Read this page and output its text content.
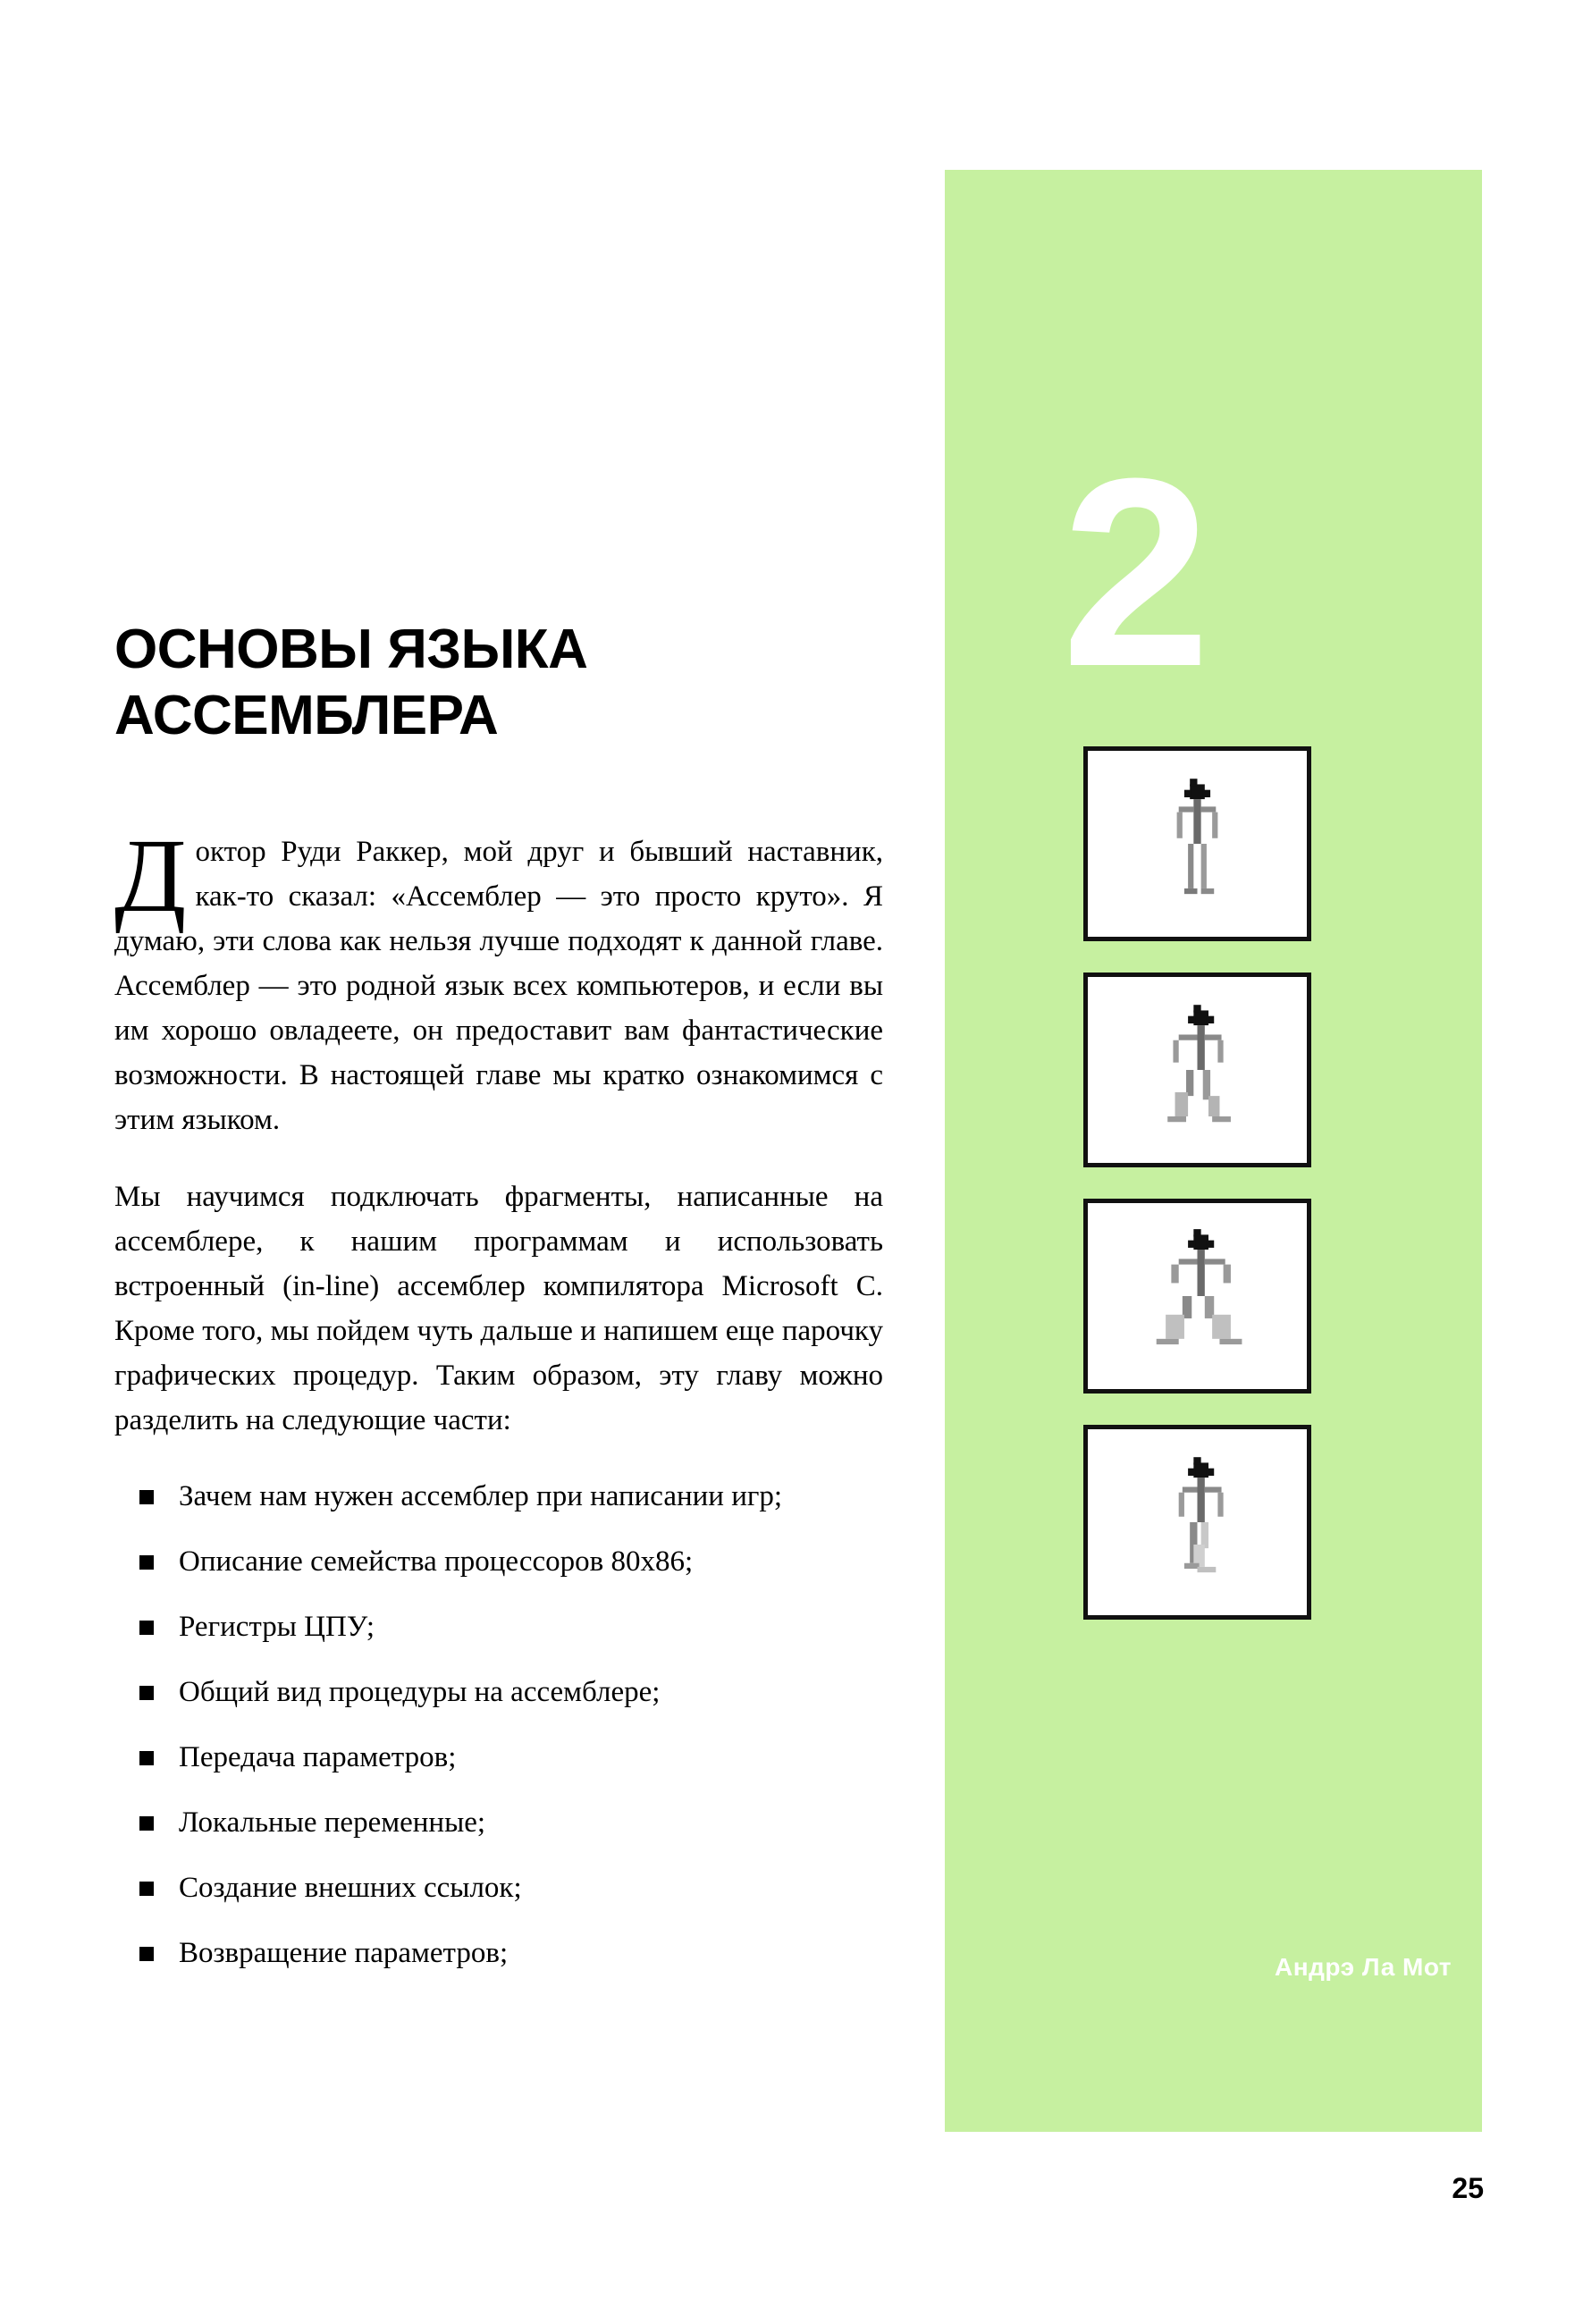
2
Андрэ Ла Мот
ОСНОВЫ ЯЗЫКА АССЕМБЛЕРА

Доктор Руди Раккер, мой друг и бывший наставник, как-то сказал: «Ассемблер — это просто круто». Я думаю, эти слова как нельзя лучше подходят к данной главе. Ассемблер — это родной язык всех компьютеров, и если вы им хорошо овладеете, он предоставит вам фантастические возможности. В настоящей главе мы кратко ознакомимся с этим языком.

Мы научимся подключать фрагменты, написанные на ассемблере, к нашим программам и использовать встроенный (in-line) ассемблер компилятора Microsoft C. Кроме того, мы пойдем чуть дальше и напишем еще парочку графических процедур. Таким образом, эту главу можно разделить на следующие части:

Зачем нам нужен ассемблер при написании игр;
Описание семейства процессоров 80x86;
Регистры ЦПУ;
Общий вид процедуры на ассемблере;
Передача параметров;
Локальные переменные;
Создание внешних ссылок;
Возвращение параметров;
25
